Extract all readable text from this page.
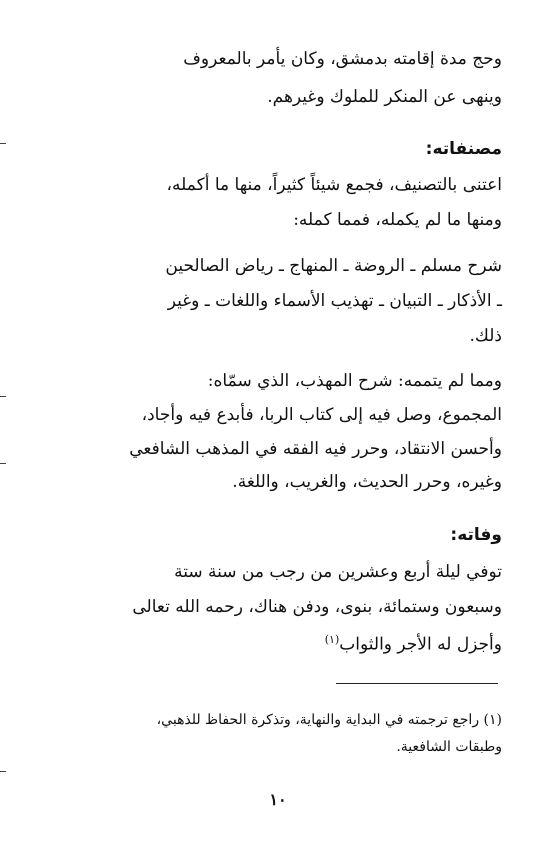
وحج مدة إقامته بدمشق، وكان يأمر بالمعروف
وينهى عن المنكر للملوك وغيرهم.
مصنفاته:
اعتنى بالتصنيف، فجمع شيئاً كثيراً، منها ما أكمله،
ومنها ما لم يكمله، فمما كمله:
شرح مسلم ـ الروضة ـ المنهاج ـ رياض الصالحين
ـ الأذكار ـ التبيان ـ تهذيب الأسماء واللغات ـ وغير
ذلك.
ومما لم يتممه: شرح المهذب، الذي سمّاه:
المجموع، وصل فيه إلى كتاب الربا، فأبدع فيه وأجاد،
وأحسن الانتقاد، وحرر فيه الفقه في المذهب الشافعي
وغيره، وحرر الحديث، والغريب، واللغة.
وفاته:
توفي ليلة أربع وعشرين من رجب من سنة ستة
وسبعون وستمائة، بنوى، ودفن هناك، رحمه الله تعالى
وأجزل له الأجر والثواب$^{(١)}$
(١) راجع ترجمته في البداية والنهاية، وتذكرة الحفاظ للذهبي،
وطبقات الشافعية.
١٠
